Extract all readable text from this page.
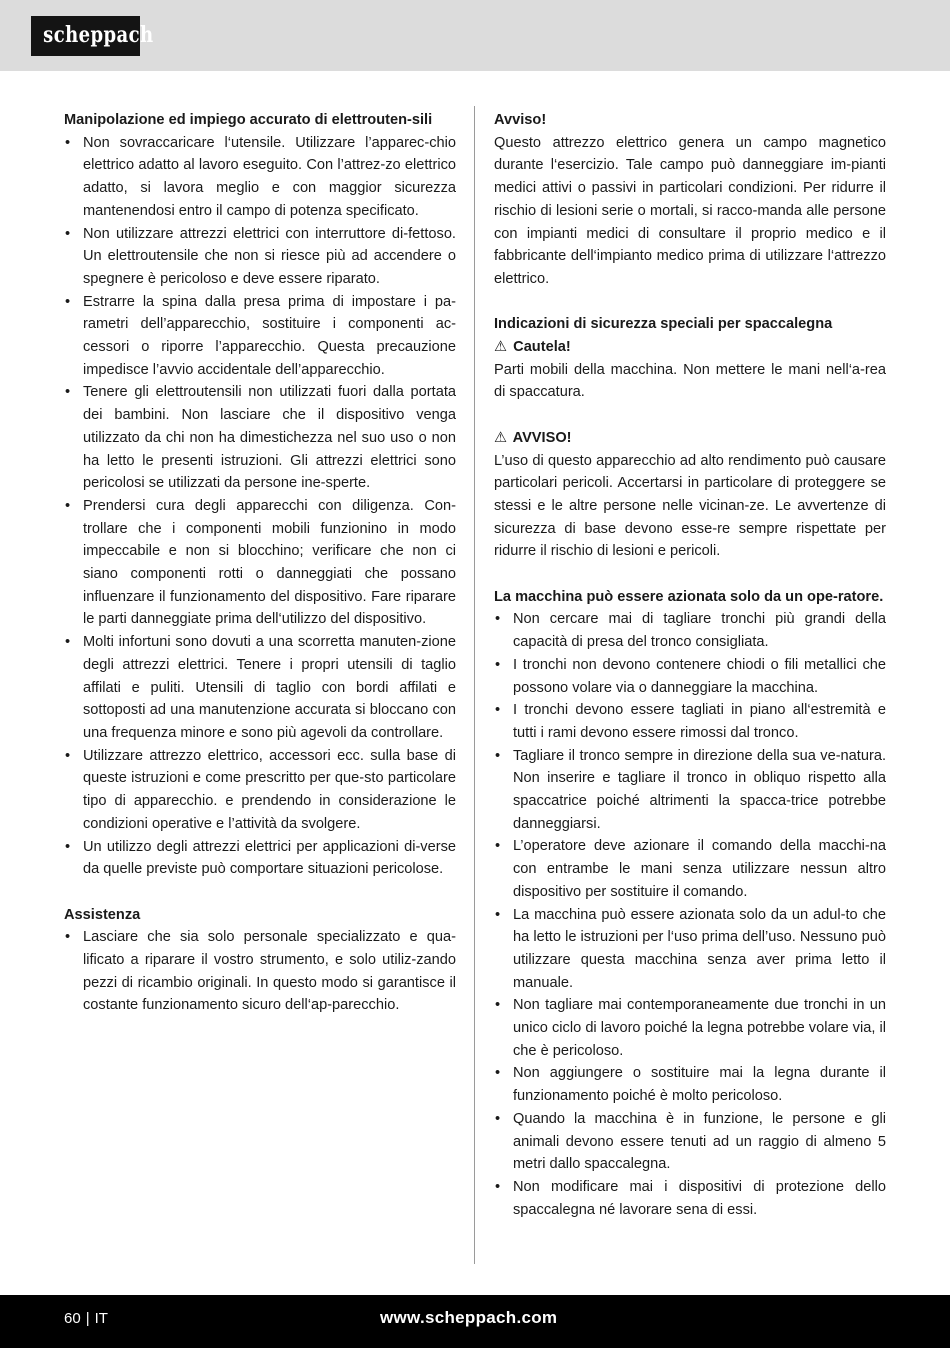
scheppach

Manipolazione ed impiego accurato di elettrouten-sili

• Non sovraccaricare l‘utensile. Utilizzare l’apparec-chio elettrico adatto al lavoro eseguito. Con l’attrez-zo elettrico adatto, si lavora meglio e con maggior sicurezza mantenendosi entro il campo di potenza specificato.
• Non utilizzare attrezzi elettrici con interruttore di-fettoso. Un elettroutensile che non si riesce più ad accendere o spegnere è pericoloso e deve essere riparato.
• Estrarre la spina dalla presa prima di impostare i pa-rametri dell’apparecchio, sostituire i componenti ac-cessori o riporre l’apparecchio. Questa precauzione impedisce l’avvio accidentale dell’apparecchio.
• Tenere gli elettroutensili non utilizzati fuori dalla portata dei bambini. Non lasciare che il dispositivo venga utilizzato da chi non ha dimestichezza nel suo uso o non ha letto le presenti istruzioni. Gli attrezzi elettrici sono pericolosi se utilizzati da persone ine-sperte.
• Prendersi cura degli apparecchi con diligenza. Con-trollare che i componenti mobili funzionino in modo impeccabile e non si blocchino; verificare che non ci siano componenti rotti o danneggiati che possano influenzare il funzionamento del dispositivo. Fare riparare le parti danneggiate prima dell‘utilizzo del dispositivo.
• Molti infortuni sono dovuti a una scorretta manuten-zione degli attrezzi elettrici. Tenere i propri utensili di taglio affilati e puliti. Utensili di taglio con bordi affilati e sottoposti ad una manutenzione accurata si bloccano con una frequenza minore e sono più agevoli da controllare.
• Utilizzare attrezzo elettrico, accessori ecc. sulla base di queste istruzioni e come prescritto per que-sto particolare tipo di apparecchio. e prendendo in considerazione le condizioni operative e l’attività da svolgere.
• Un utilizzo degli attrezzi elettrici per applicazioni di-verse da quelle previste può comportare situazioni pericolose.

Assistenza

• Lasciare che sia solo personale specializzato e qua-lificato a riparare il vostro strumento, e solo utiliz-zando pezzi di ricambio originali. In questo modo si garantisce il costante funzionamento sicuro dell‘ap-parecchio.

Avviso!

Questo attrezzo elettrico genera un campo magnetico durante l‘esercizio. Tale campo può danneggiare im-pianti medici attivi o passivi in particolari condizioni. Per ridurre il rischio di lesioni serie o mortali, si racco-manda alle persone con impianti medici di consultare il proprio medico e il fabbricante dell‘impianto medico prima di utilizzare l‘attrezzo elettrico.

Indicazioni di sicurezza speciali per spaccalegna

⚠ Cautela!

Parti mobili della macchina. Non mettere le mani nell‘a-rea di spaccatura.

⚠ AVVISO!

L’uso di questo apparecchio ad alto rendimento può causare particolari pericoli. Accertarsi in particolare di proteggere se stessi e le altre persone nelle vicinan-ze. Le avvertenze di sicurezza di base devono esse-re sempre rispettate per ridurre il rischio di lesioni e pericoli.

La macchina può essere azionata solo da un ope-ratore.

• Non cercare mai di tagliare tronchi più grandi della capacità di presa del tronco consigliata.
• I tronchi non devono contenere chiodi o fili metallici che possono volare via o danneggiare la macchina.
• I tronchi devono essere tagliati in piano all‘estremità e tutti i rami devono essere rimossi dal tronco.
• Tagliare il tronco sempre in direzione della sua ve-natura. Non inserire e tagliare il tronco in obliquo rispetto alla spaccatrice poiché altrimenti la spacca-trice potrebbe danneggiarsi.
• L’operatore deve azionare il comando della macchi-na con entrambe le mani senza utilizzare nessun altro dispositivo per sostituire il comando.
• La macchina può essere azionata solo da un adul-to che ha letto le istruzioni per l‘uso prima dell’uso. Nessuno può utilizzare questa macchina senza aver prima letto il manuale.
• Non tagliare mai contemporaneamente due tronchi in un unico ciclo di lavoro poiché la legna potrebbe volare via, il che è pericoloso.
• Non aggiungere o sostituire mai la legna durante il funzionamento poiché è molto pericoloso.
• Quando la macchina è in funzione, le persone e gli animali devono essere tenuti ad un raggio di almeno 5 metri dallo spaccalegna.
• Non modificare mai i dispositivi di protezione dello spaccalegna né lavorare sena di essi.
60 | IT	www.scheppach.com
